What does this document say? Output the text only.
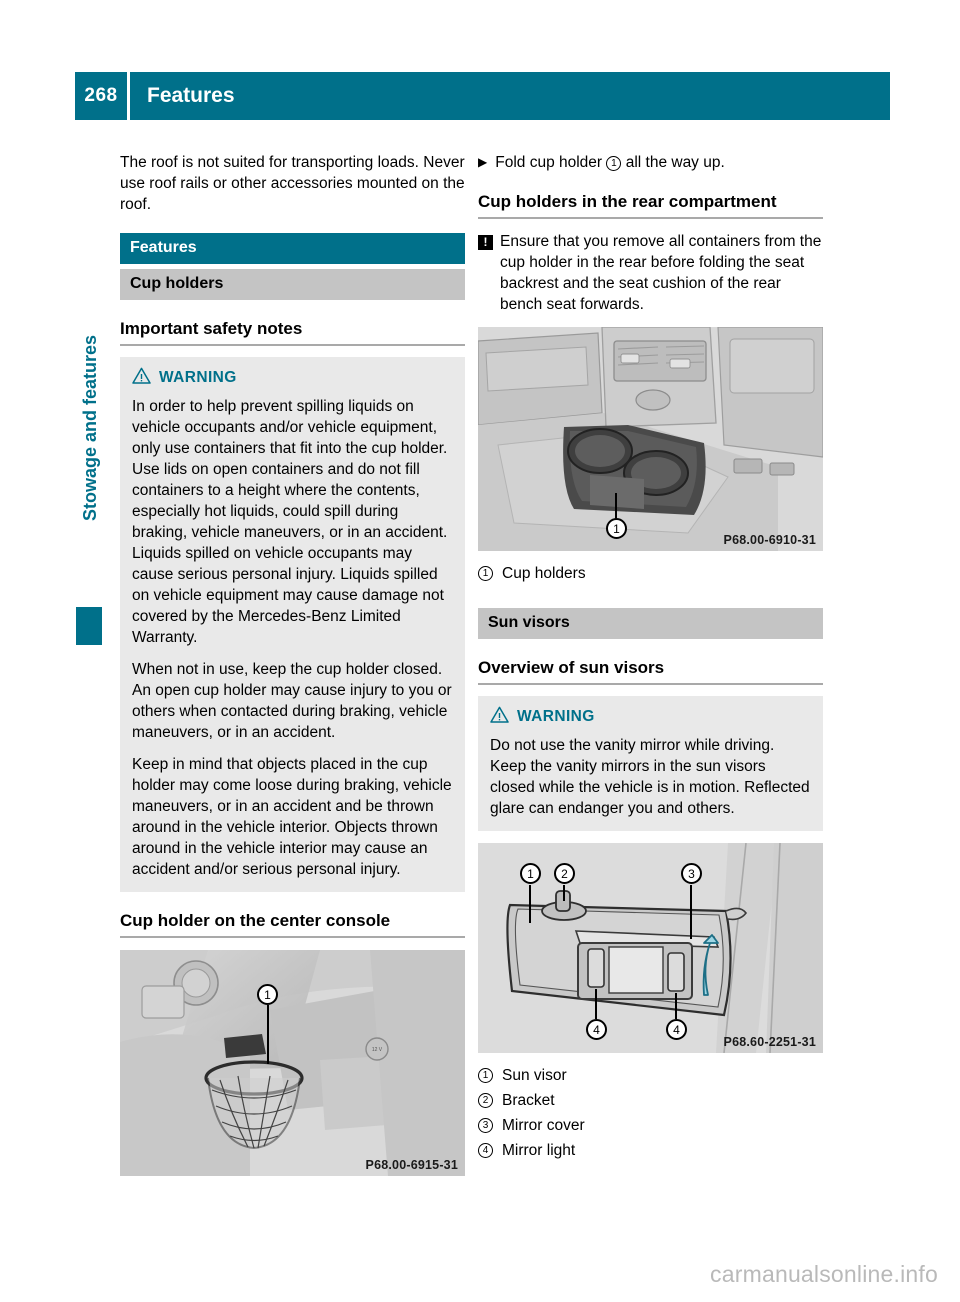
268	Features
Stowage and features

The roof is not suited for transporting loads. Never use roof rails or other accessories mounted on the roof.

Features
Cup holders
Important safety notes
WARNING

In order to help prevent spilling liquids on vehicle occupants and/or vehicle equipment, only use containers that fit into the cup holder. Use lids on open containers and do not fill containers to a height where the contents, especially hot liquids, could spill during braking, vehicle maneuvers, or in an accident. Liquids spilled on vehicle occupants may cause serious personal injury. Liquids spilled on vehicle equipment may cause damage not covered by the Mercedes-Benz Limited Warranty.

When not in use, keep the cup holder closed. An open cup holder may cause injury to you or others when contacted during braking, vehicle maneuvers, or in an accident.

Keep in mind that objects placed in the cup holder may come loose during braking, vehicle maneuvers, or in an accident and be thrown around in the vehicle interior. Objects thrown around in the vehicle interior may cause an accident and/or serious personal injury.

Cup holder on the center console
12 V
1
P68.00-6915-31
▶ Fold cup holder 1 all the way up.
Cup holders in the rear compartment
! Ensure that you remove all containers from the cup holder in the rear before folding the seat backrest and the seat cushion of the rear bench seat forwards.

1
P68.00-6910-31
1 Cup holders
Sun visors
Overview of sun visors
WARNING

Do not use the vanity mirror while driving. Keep the vanity mirrors in the sun visors closed while the vehicle is in motion. Reflected glare can endanger you and others.

1	2	3
4	4
P68.60-2251-31
1 Sun visor
2 Bracket
3 Mirror cover
4 Mirror light
carmanualsonline.info
